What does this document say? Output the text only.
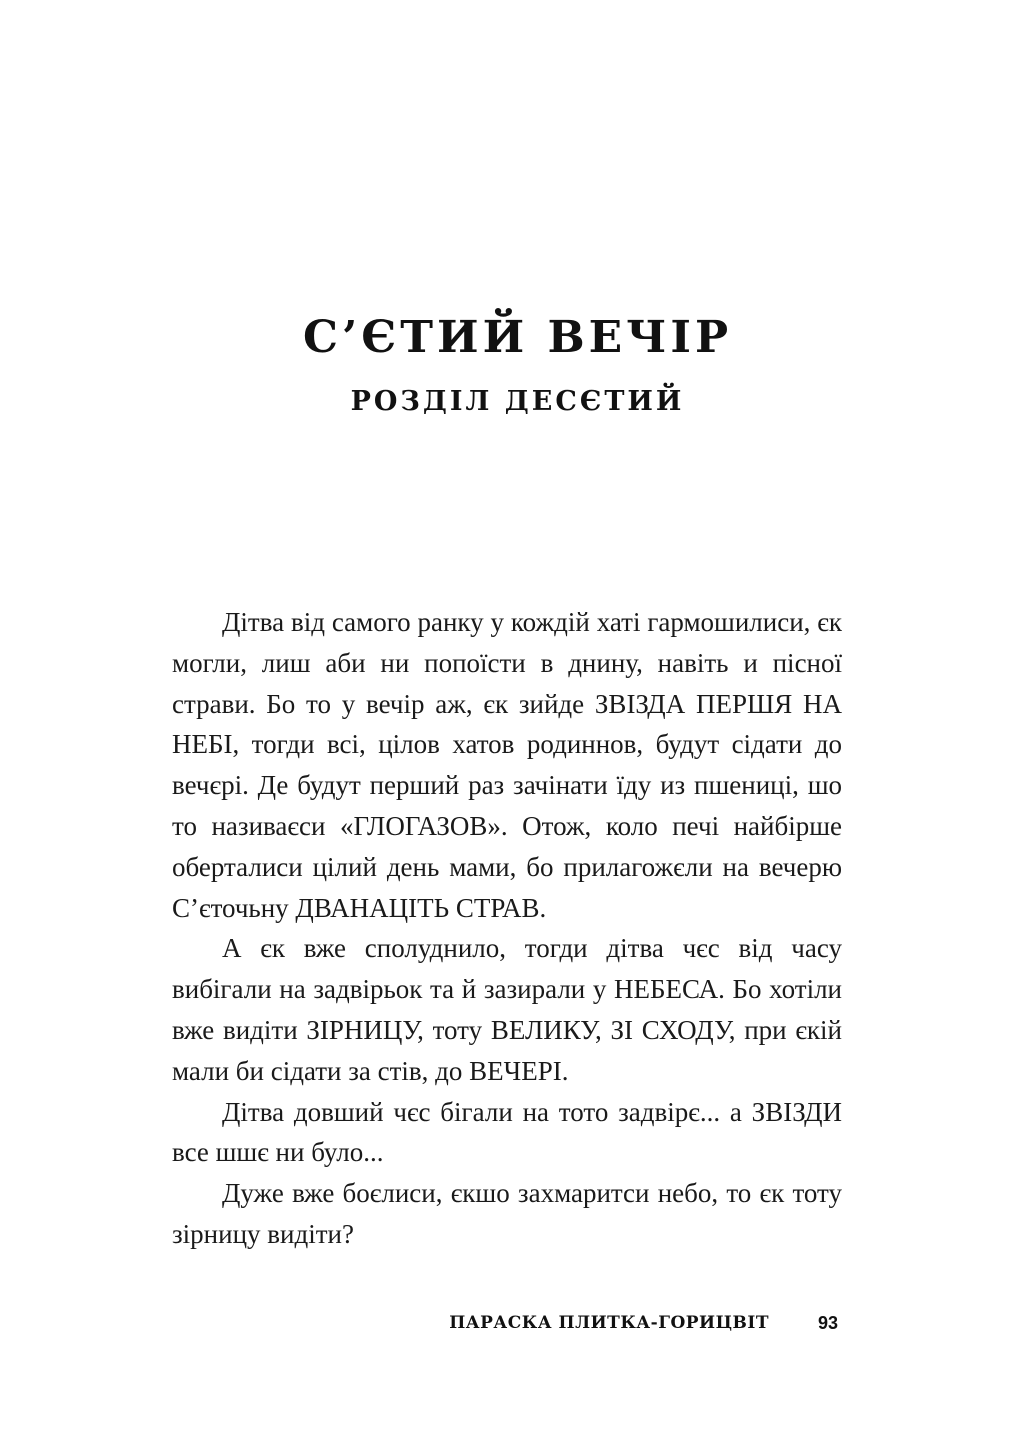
С’ЄТИЙ ВЕЧІР
РОЗДІЛ ДЕСЄТИЙ

Дітва від самого ранку у кождій хаті гармошилиси, єк могли, лиш аби ни попоїсти в днину, навіть и пісної страви. Бо то у вечір аж, єк зийде ЗВІЗДА ПЕРШЯ НА НЕБІ, тогди всі, цілов хатов родиннов, будут сідати до вечєрі. Де будут перший раз зачінати їду из пшениці, шо то називаєси «ГЛОГАЗОВ». Отож, коло печі найбірше оберталиси цілий день мами, бо прилагожєли на вечерю С’єточьну ДВАНАЦІТЬ СТРАВ.

А єк вже сполуднило, тогди дітва чєс від часу вибігали на задвірьок та й зазирали у НЕБЕСА. Бо хотіли вже видіти ЗІРНИЦУ, тоту ВЕЛИКУ, ЗІ СХОДУ, при єкій мали би сідати за стів, до ВЕЧЕРІ.

Дітва довший чєс бігали на тото задвірє... а ЗВІЗДИ все шшє ни було...

Дуже вже боєлиси, єкшо захмаритси небо, то єк тоту зірницу видіти?

ПАРАСКА ПЛИТКА-ГОРИЦВІТ	93
